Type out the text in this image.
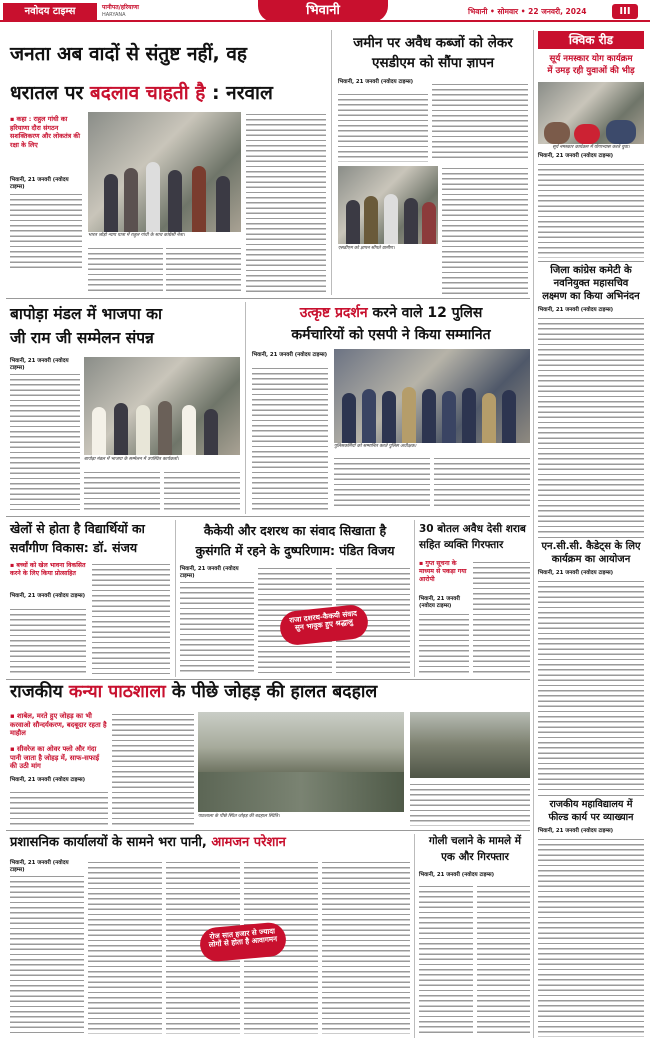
नवोदय टाइम्स	पानीपत/हरियाणा
HARYANA	भिवानी	भिवानी • सोमवार • 22 जनवरी, 2024	III
जनता अब वादों से संतुष्ट नहीं, वह
धरातल पर बदलाव चाहती है : नरवाल
▪ कहा : राहुल गांधी का हरियाणा दौरा संगठन सशक्तिकरण और लोकतंत्र की रक्षा के लिए
भिवानी, 21 जनवरी (नवोदय टाइम्स)
भारत जोड़ो न्याय यात्रा में राहुल गांधी के साथ कांग्रेसी नेता।
जमीन पर अवैध कब्जों को लेकर
एसडीएम को सौंपा ज्ञापन
भिवानी, 21 जनवरी (नवोदय टाइम्स)
एसडीएम को ज्ञापन सौंपते ग्रामीण।
क्विक रीड
सूर्य नमस्कार योग कार्यक्रम
में उमड़ रही युवाओं की भीड़
सूर्य नमस्कार कार्यक्रम में योगाभ्यास करते युवा।
भिवानी, 21 जनवरी (नवोदय टाइम्स)
जिला कांग्रेस कमेटी के
नवनियुक्त महासचिव
लक्ष्मण का किया अभिनंदन
भिवानी, 21 जनवरी (नवोदय टाइम्स)
एन.सी.सी. कैडेट्स के लिए
कार्यक्रम का आयोजन
भिवानी, 21 जनवरी (नवोदय टाइम्स)
राजकीय महाविद्यालय में
फील्ड कार्य पर व्याख्यान
भिवानी, 21 जनवरी (नवोदय टाइम्स)
बापोड़ा मंडल में भाजपा का
जी राम जी सम्मेलन संपन्न
भिवानी, 21 जनवरी (नवोदय टाइम्स)
बापोड़ा मंडल में भाजपा के सम्मेलन में उपस्थित कार्यकर्ता।
उत्कृष्ट प्रदर्शन करने वाले 12 पुलिस
कर्मचारियों को एसपी ने किया सम्मानित
भिवानी, 21 जनवरी (नवोदय टाइम्स)
पुलिसकर्मियों को सम्मानित करते पुलिस अधीक्षक।
खेलों से होता है विद्यार्थियों का
सर्वांगीण विकास: डॉ. संजय
▪ बच्चों को खेल भावना विकसित करने के लिए किया प्रोत्साहित
भिवानी, 21 जनवरी (नवोदय टाइम्स)
कैकेयी और दशरथ का संवाद सिखाता है
कुसंगति में रहने के दुष्परिणाम: पंडित विजय
भिवानी, 21 जनवरी (नवोदय टाइम्स)
राजा दशरथ-कैकयी संवाद सुन भावुक हुए श्रद्धालु
30 बोतल अवैध देसी शराब
सहित व्यक्ति गिरफ्तार
▪ गुप्त सूचना के माध्यम से पकड़ा गया आरोपी
भिवानी, 21 जनवरी (नवोदय टाइम्स)
राजकीय कन्या पाठशाला के पीछे जोहड़ की हालत बदहाल
▪ शाबेल, मरते हुए जोहड़ का भी करवाओ सौन्दर्यकरण, बदबूदार रहता है माहौल
▪ सीवरेज का ओवर फ्लो और गंदा पानी जाता है जोहड़ में, साफ-सफाई की उठी मांग
भिवानी, 21 जनवरी (नवोदय टाइम्स)
पाठशाला के पीछे स्थित जोहड़ की बदहाल स्थिति।
प्रशासनिक कार्यालयों के सामने भरा पानी, आमजन परेशान
भिवानी, 21 जनवरी (नवोदय टाइम्स)
रोज सात हजार से ज्यादा लोगों से होता है आवागमन
गोली चलाने के मामले में
एक और गिरफ्तार
भिवानी, 21 जनवरी (नवोदय टाइम्स)
